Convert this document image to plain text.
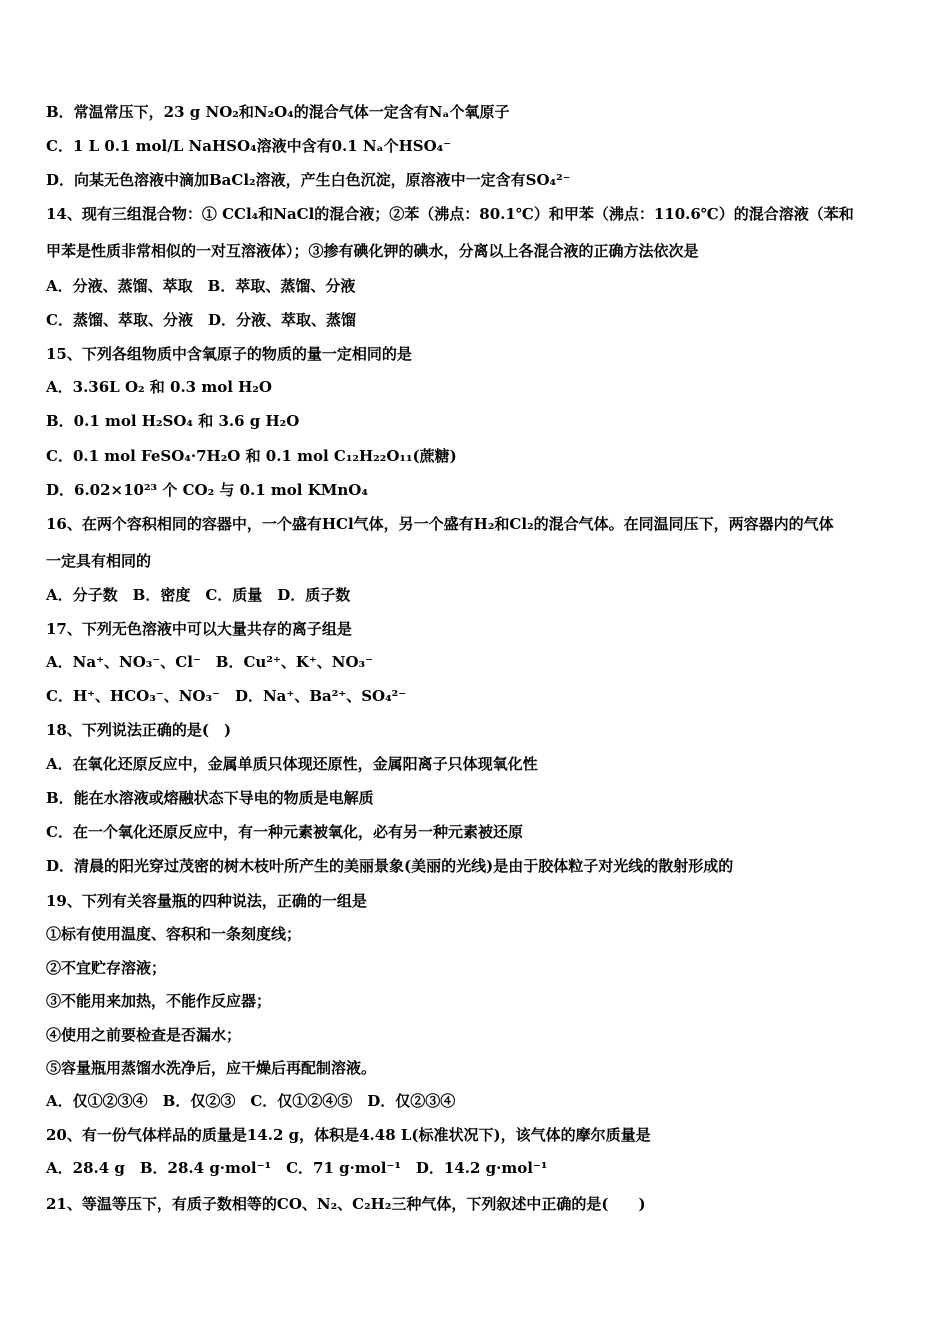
B．常温常压下，23 g NO₂和N₂O₄的混合气体一定含有Nₐ个氧原子
C．1 L 0.1 mol/L NaHSO₄溶液中含有0.1 Nₐ个HSO₄⁻
D．向某无色溶液中滴加BaCl₂溶液，产生白色沉淀，原溶液中一定含有SO₄²⁻
14、现有三组混合物：① CCl₄和NaCl的混合液；②苯（沸点：80.1℃）和甲苯（沸点：110.6℃）的混合溶液（苯和
甲苯是性质非常相似的一对互溶液体）；③掺有碘化钾的碘水，分离以上各混合液的正确方法依次是
A．分液、蒸馏、萃取　B．萃取、蒸馏、分液
C．蒸馏、萃取、分液　D．分液、萃取、蒸馏
15、下列各组物质中含氧原子的物质的量一定相同的是
A．3.36L O₂ 和 0.3 mol H₂O
B．0.1 mol H₂SO₄ 和 3.6 g H₂O
C．0.1 mol FeSO₄·7H₂O 和 0.1 mol C₁₂H₂₂O₁₁(蔗糖)
D．6.02×10²³ 个 CO₂ 与 0.1 mol KMnO₄
16、在两个容积相同的容器中，一个盛有HCl气体，另一个盛有H₂和Cl₂的混合气体。在同温同压下，两容器内的气体
一定具有相同的
A．分子数　B．密度　C．质量　D．质子数
17、下列无色溶液中可以大量共存的离子组是
A．Na⁺、NO₃⁻、Cl⁻　B．Cu²⁺、K⁺、NO₃⁻
C．H⁺、HCO₃⁻、NO₃⁻　D．Na⁺、Ba²⁺、SO₄²⁻
18、下列说法正确的是(　)
A．在氧化还原反应中，金属单质只体现还原性，金属阳离子只体现氧化性
B．能在水溶液或熔融状态下导电的物质是电解质
C．在一个氧化还原反应中，有一种元素被氧化，必有另一种元素被还原
D．清晨的阳光穿过茂密的树木枝叶所产生的美丽景象(美丽的光线)是由于胶体粒子对光线的散射形成的
19、下列有关容量瓶的四种说法，正确的一组是
①标有使用温度、容积和一条刻度线；
②不宜贮存溶液；
③不能用来加热，不能作反应器；
④使用之前要检查是否漏水；
⑤容量瓶用蒸馏水洗净后，应干燥后再配制溶液。
A．仅①②③④　B．仅②③　C．仅①②④⑤　D．仅②③④
20、有一份气体样品的质量是14.2 g，体积是4.48 L(标准状况下)，该气体的摩尔质量是
A．28.4 g　B．28.4 g·mol⁻¹　C．71 g·mol⁻¹　D．14.2 g·mol⁻¹
21、等温等压下，有质子数相等的CO、N₂、C₂H₂三种气体，下列叙述中正确的是(　　)
